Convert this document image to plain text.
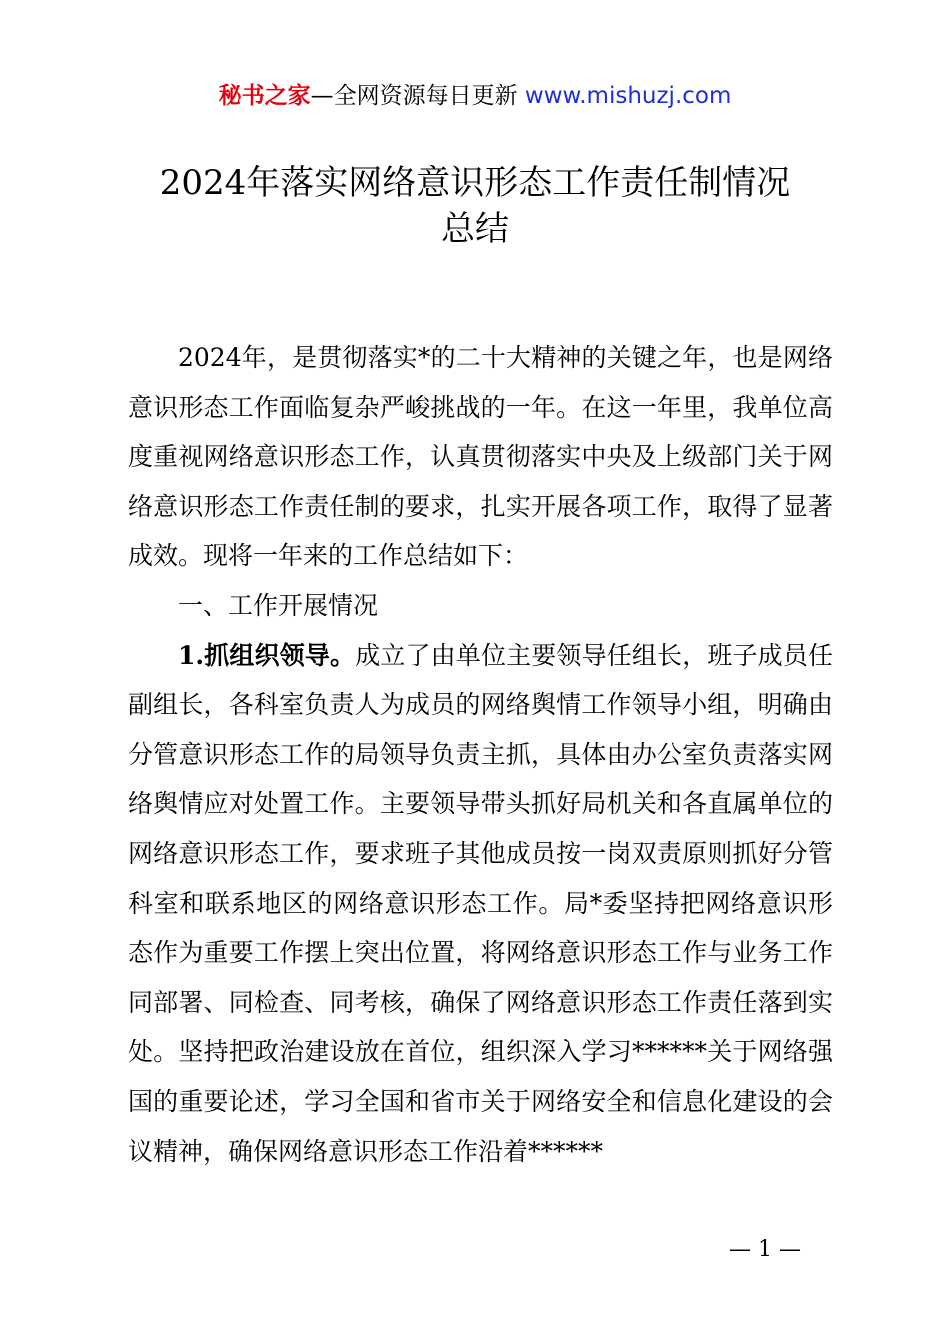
秘书之家—全网资源每日更新 www.mishuzj.com
2024年落实网络意识形态工作责任制情况
总结

2024年，是贯彻落实*的二十大精神的关键之年，也是网络意识形态工作面临复杂严峻挑战的一年。在这一年里，我单位高度重视网络意识形态工作，认真贯彻落实中央及上级部门关于网络意识形态工作责任制的要求，扎实开展各项工作，取得了显著成效。现将一年来的工作总结如下：

一、工作开展情况

1.抓组织领导。成立了由单位主要领导任组长，班子成员任副组长，各科室负责人为成员的网络舆情工作领导小组，明确由分管意识形态工作的局领导负责主抓，具体由办公室负责落实网络舆情应对处置工作。主要领导带头抓好局机关和各直属单位的网络意识形态工作，要求班子其他成员按一岗双责原则抓好分管科室和联系地区的网络意识形态工作。局*委坚持把网络意识形态作为重要工作摆上突出位置，将网络意识形态工作与业务工作同部署、同检查、同考核，确保了网络意识形态工作责任落到实处。坚持把政治建设放在首位，组织深入学习******关于网络强国的重要论述，学习全国和省市关于网络安全和信息化建设的会议精神，确保网络意识形态工作沿着******

— 1 —
